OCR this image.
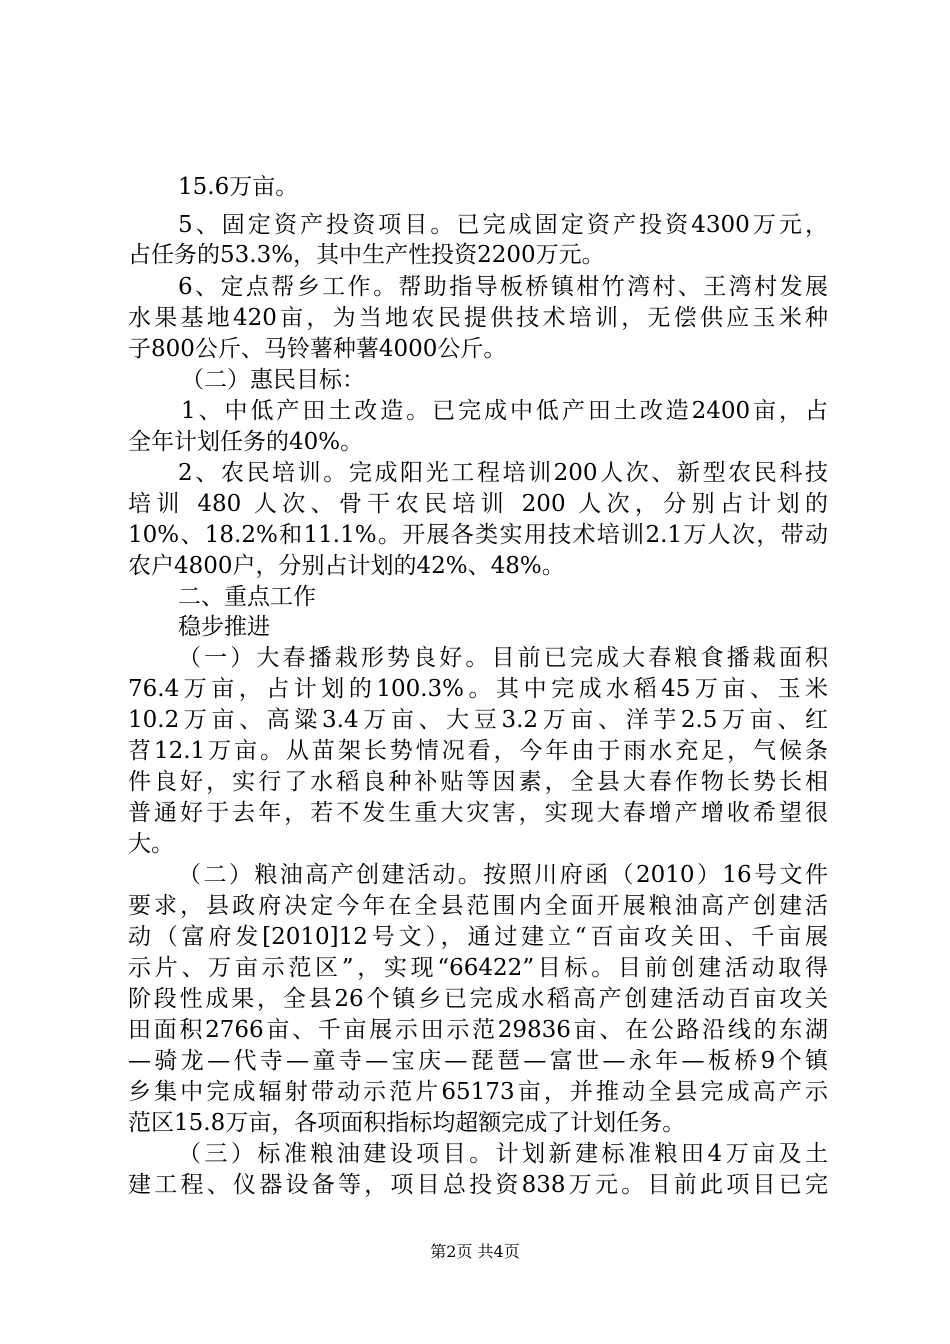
15.6万亩。
5、固定资产投资项目。已完成固定资产投资4300万元，
占任务的53.3%，其中生产性投资2200万元。
6、定点帮乡工作。帮助指导板桥镇柑竹湾村、王湾村发展
水果基地420亩，为当地农民提供技术培训，无偿供应玉米种
子800公斤、马铃薯种薯4000公斤。
（二）惠民目标：
1、中低产田土改造。已完成中低产田土改造2400亩，占
全年计划任务的40%。
2、农民培训。完成阳光工程培训200人次、新型农民科技
培训 480 人次、骨干农民培训 200 人次，分别占计划的
10%、18.2%和11.1%。开展各类实用技术培训2.1万人次，带动
农户4800户，分别占计划的42%、48%。
二、重点工作
稳步推进
（一）大春播栽形势良好。目前已完成大春粮食播栽面积
76.4万亩，占计划的100.3%。其中完成水稻45万亩、玉米
10.2万亩、高粱3.4万亩、大豆3.2万亩、洋芋2.5万亩、红
苕12.1万亩。从苗架长势情况看，今年由于雨水充足，气候条
件良好，实行了水稻良种补贴等因素，全县大春作物长势长相
普通好于去年，若不发生重大灾害，实现大春增产增收希望很
大。
（二）粮油高产创建活动。按照川府函（2010）16号文件
要求，县政府决定今年在全县范围内全面开展粮油高产创建活
动（富府发[2010]12号文），通过建立“百亩攻关田、千亩展
示片、万亩示范区”，实现“66422”目标。目前创建活动取得
阶段性成果，全县26个镇乡已完成水稻高产创建活动百亩攻关
田面积2766亩、千亩展示田示范29836亩、在公路沿线的东湖
—骑龙—代寺—童寺—宝庆—琵琶—富世—永年—板桥9个镇
乡集中完成辐射带动示范片65173亩，并推动全县完成高产示
范区15.8万亩，各项面积指标均超额完成了计划任务。
（三）标准粮油建设项目。计划新建标准粮田4万亩及土
建工程、仪器设备等，项目总投资838万元。目前此项目已完
第2页 共4页
